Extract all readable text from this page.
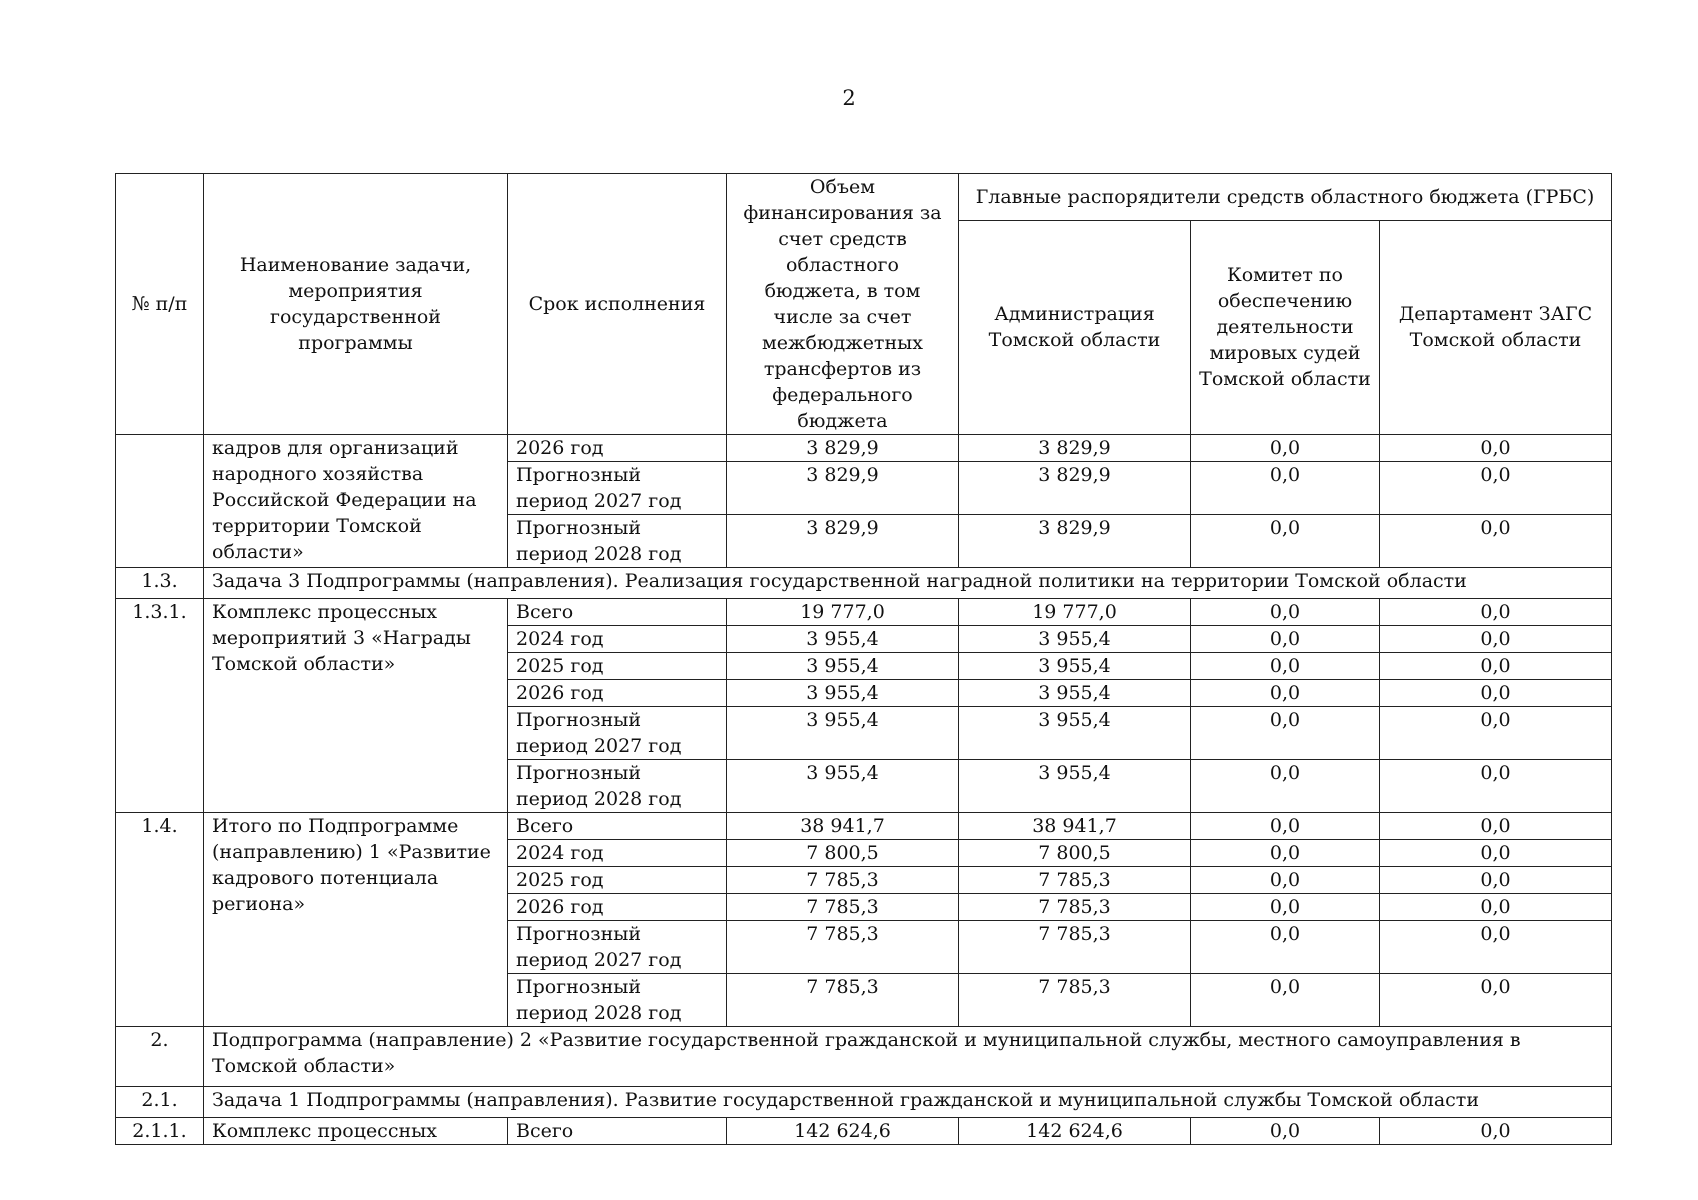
2
№ п/п	Наименование задачи, мероприятия государственной программы	Срок исполнения	Объем финансирования за счет средств областного бюджета, в том числе за счет межбюджетных трансфертов из федерального бюджета	Главные распорядители средств областного бюджета (ГРБС)		
				Администрация Томской области	Комитет по обеспечению деятельности мировых судей Томской области	Департамент ЗАГС Томской области
	кадров для организаций народного хозяйства Российской Федерации на территории Томской области»	2026 год	3 829,9	3 829,9	0,0	0,0
		Прогнозный период 2027 год	3 829,9	3 829,9	0,0	0,0
		Прогнозный период 2028 год	3 829,9	3 829,9	0,0	0,0
1.3.	Задача 3 Подпрограммы (направления). Реализация государственной наградной политики на территории Томской области					
1.3.1.	Комплекс процессных мероприятий 3 «Награды Томской области»	Всего	19 777,0	19 777,0	0,0	0,0
		2024 год	3 955,4	3 955,4	0,0	0,0
		2025 год	3 955,4	3 955,4	0,0	0,0
		2026 год	3 955,4	3 955,4	0,0	0,0
		Прогнозный период 2027 год	3 955,4	3 955,4	0,0	0,0
		Прогнозный период 2028 год	3 955,4	3 955,4	0,0	0,0
1.4.	Итого по Подпрограмме (направлению) 1 «Развитие кадрового потенциала региона»	Всего	38 941,7	38 941,7	0,0	0,0
		2024 год	7 800,5	7 800,5	0,0	0,0
		2025 год	7 785,3	7 785,3	0,0	0,0
		2026 год	7 785,3	7 785,3	0,0	0,0
		Прогнозный период 2027 год	7 785,3	7 785,3	0,0	0,0
		Прогнозный период 2028 год	7 785,3	7 785,3	0,0	0,0
2.	Подпрограмма (направление) 2 «Развитие государственной гражданской и муниципальной службы, местного самоуправления в Томской области»					
2.1.	Задача 1 Подпрограммы (направления). Развитие государственной гражданской и муниципальной службы Томской области					
2.1.1.	Комплекс процессных	Всего	142 624,6	142 624,6	0,0	0,0
